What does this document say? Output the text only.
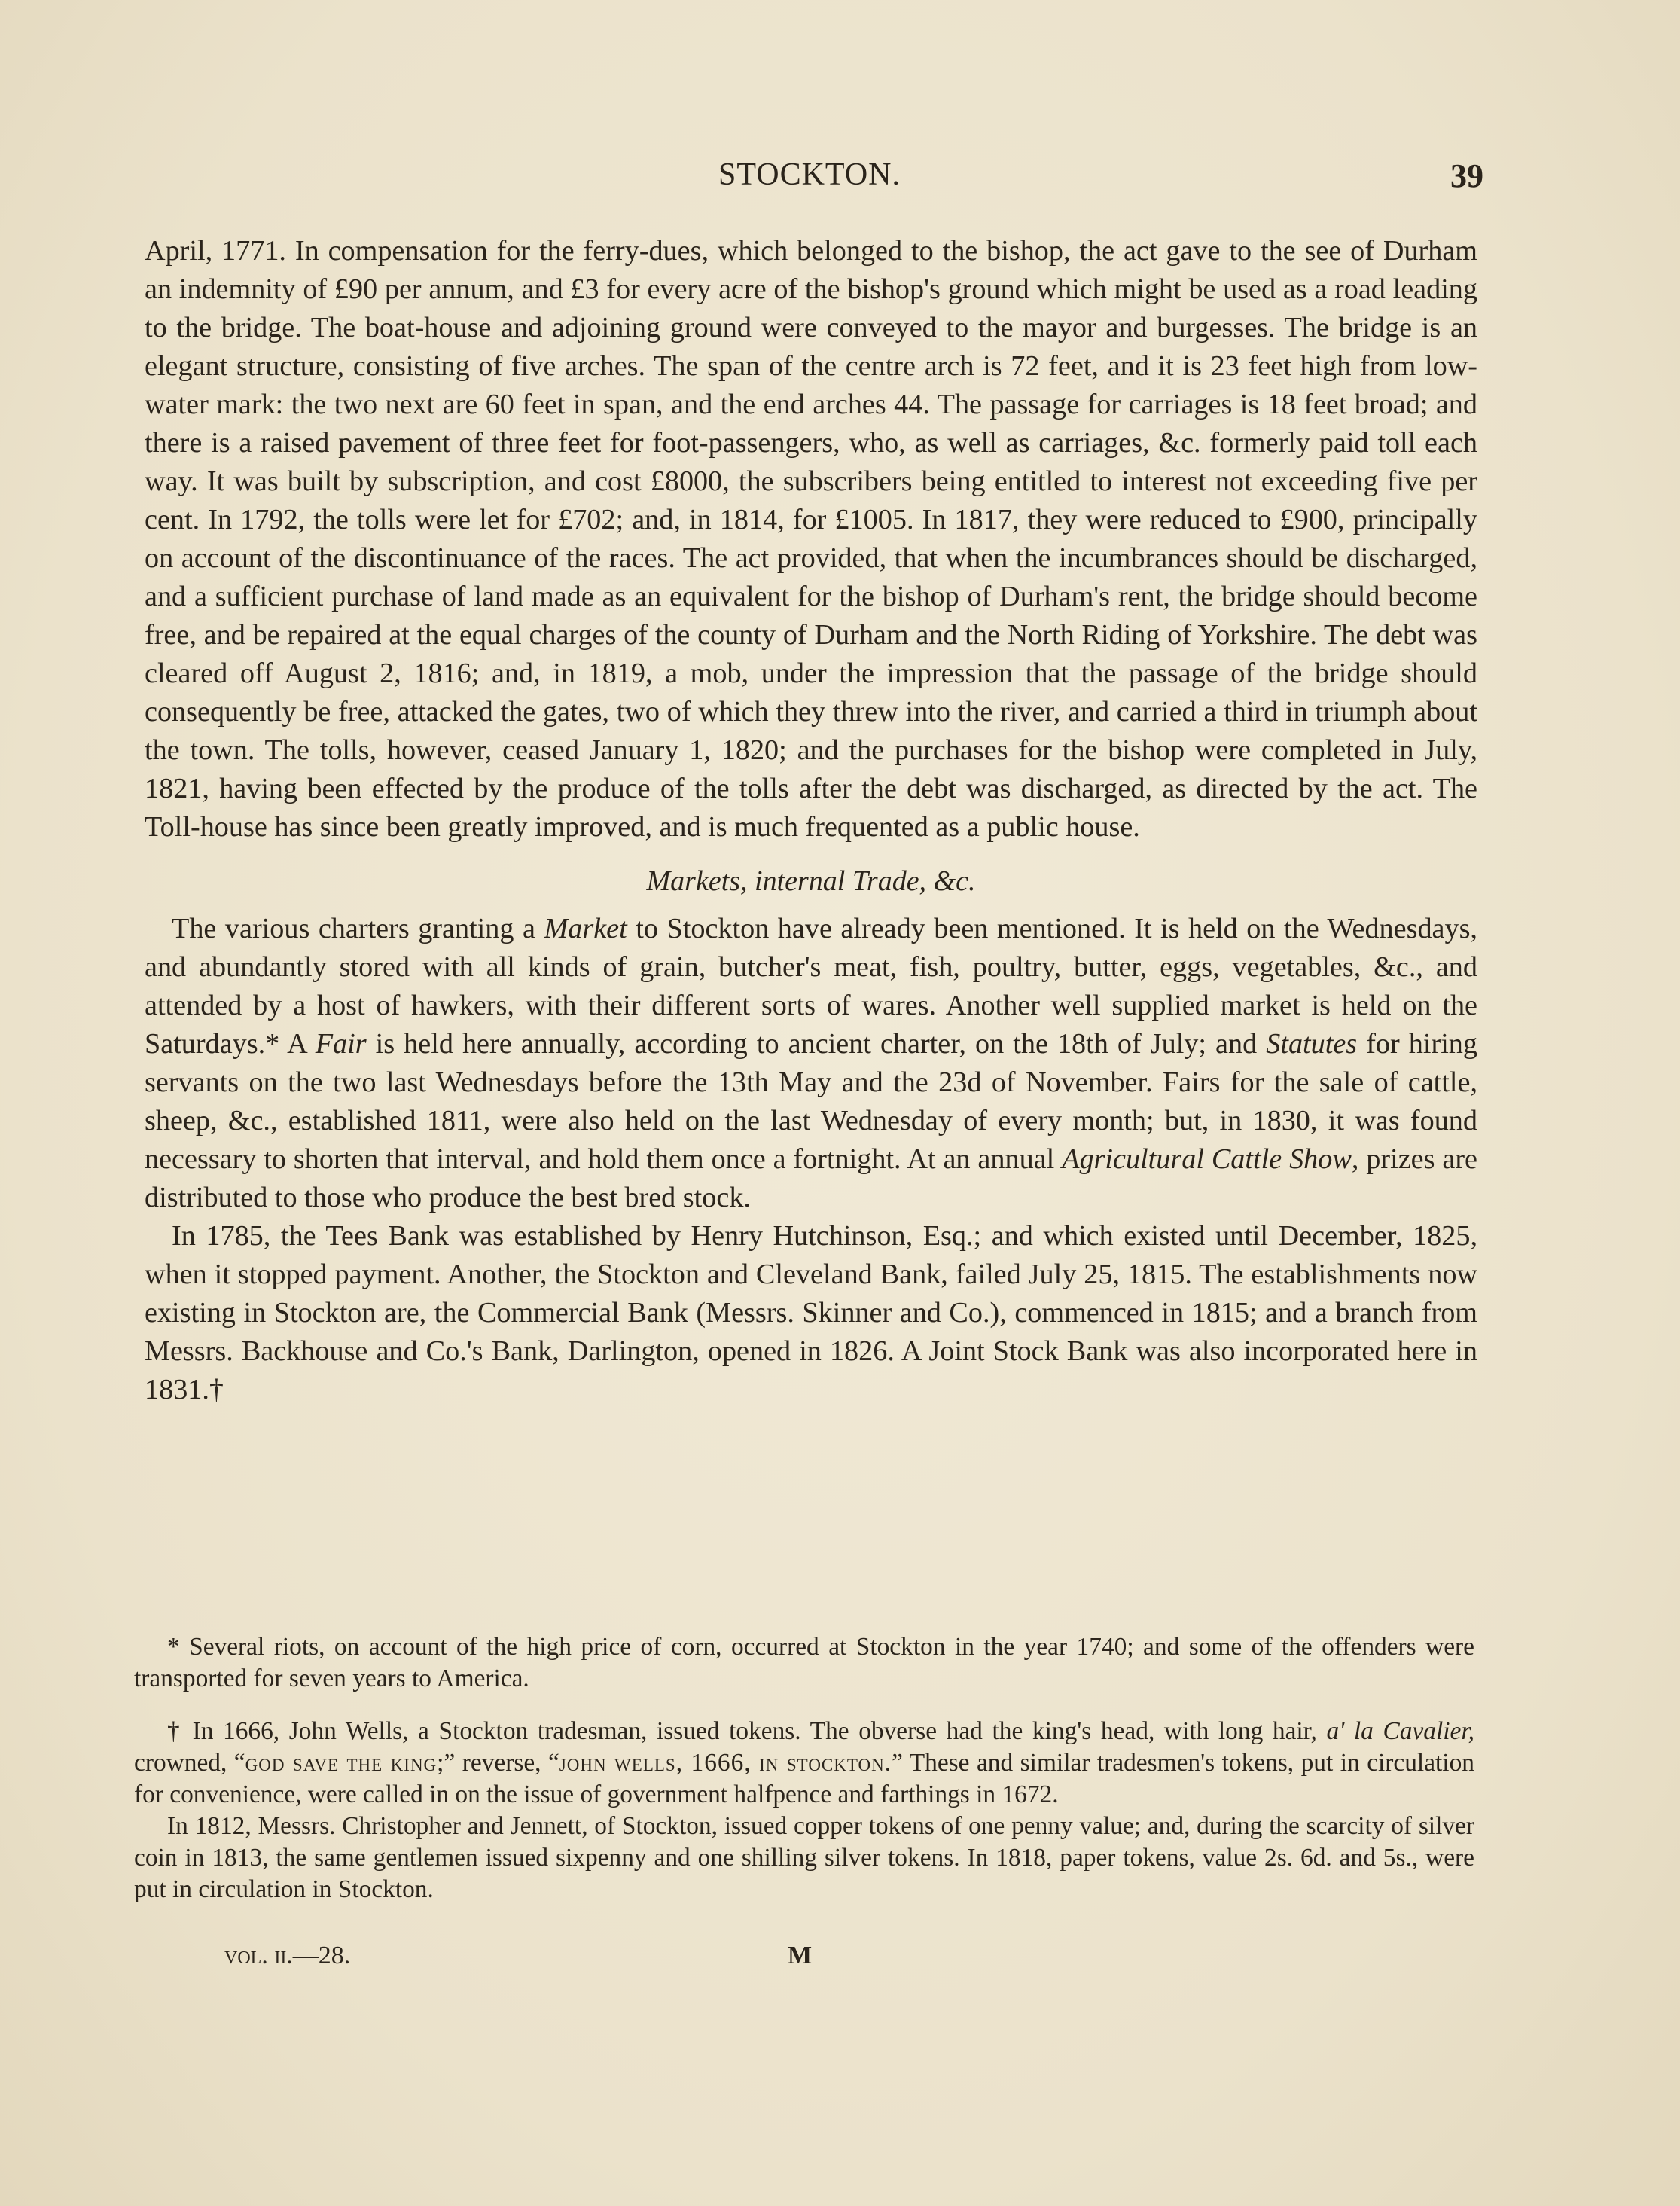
STOCKTON.	39

April, 1771. In compensation for the ferry-dues, which belonged to the bishop, the act gave to the see of Durham an indemnity of £90 per annum, and £3 for every acre of the bishop's ground which might be used as a road leading to the bridge. The boat-house and adjoining ground were conveyed to the mayor and burgesses. The bridge is an elegant structure, consisting of five arches. The span of the centre arch is 72 feet, and it is 23 feet high from low-water mark: the two next are 60 feet in span, and the end arches 44. The passage for carriages is 18 feet broad; and there is a raised pavement of three feet for foot-passengers, who, as well as carriages, &c. formerly paid toll each way. It was built by subscription, and cost £8000, the subscribers being entitled to interest not exceeding five per cent. In 1792, the tolls were let for £702; and, in 1814, for £1005. In 1817, they were reduced to £900, principally on account of the discontinuance of the races. The act provided, that when the incumbrances should be discharged, and a sufficient purchase of land made as an equivalent for the bishop of Durham's rent, the bridge should become free, and be repaired at the equal charges of the county of Durham and the North Riding of Yorkshire. The debt was cleared off August 2, 1816; and, in 1819, a mob, under the impression that the passage of the bridge should consequently be free, attacked the gates, two of which they threw into the river, and carried a third in triumph about the town. The tolls, however, ceased January 1, 1820; and the purchases for the bishop were completed in July, 1821, having been effected by the produce of the tolls after the debt was discharged, as directed by the act. The Toll-house has since been greatly improved, and is much frequented as a public house.

Markets, internal Trade, &c.

The various charters granting a Market to Stockton have already been mentioned. It is held on the Wednesdays, and abundantly stored with all kinds of grain, butcher's meat, fish, poultry, butter, eggs, vegetables, &c., and attended by a host of hawkers, with their different sorts of wares. Another well supplied market is held on the Saturdays.* A Fair is held here annually, according to ancient charter, on the 18th of July; and Statutes for hiring servants on the two last Wednesdays before the 13th May and the 23d of November. Fairs for the sale of cattle, sheep, &c., established 1811, were also held on the last Wednesday of every month; but, in 1830, it was found necessary to shorten that interval, and hold them once a fortnight. At an annual Agricultural Cattle Show, prizes are distributed to those who produce the best bred stock.

In 1785, the Tees Bank was established by Henry Hutchinson, Esq.; and which existed until December, 1825, when it stopped payment. Another, the Stockton and Cleveland Bank, failed July 25, 1815. The establishments now existing in Stockton are, the Commercial Bank (Messrs. Skinner and Co.), commenced in 1815; and a branch from Messrs. Backhouse and Co.'s Bank, Darlington, opened in 1826. A Joint Stock Bank was also incorporated here in 1831.†

* Several riots, on account of the high price of corn, occurred at Stockton in the year 1740; and some of the offenders were transported for seven years to America.

† In 1666, John Wells, a Stockton tradesman, issued tokens. The obverse had the king's head, with long hair, a' la Cavalier, crowned, “god save the king;” reverse, “john wells, 1666, in stockton.” These and similar tradesmen's tokens, put in circulation for convenience, were called in on the issue of government halfpence and farthings in 1672.

In 1812, Messrs. Christopher and Jennett, of Stockton, issued copper tokens of one penny value; and, during the scarcity of silver coin in 1813, the same gentlemen issued sixpenny and one shilling silver tokens. In 1818, paper tokens, value 2s. 6d. and 5s., were put in circulation in Stockton.

vol. ii.—28.	M
